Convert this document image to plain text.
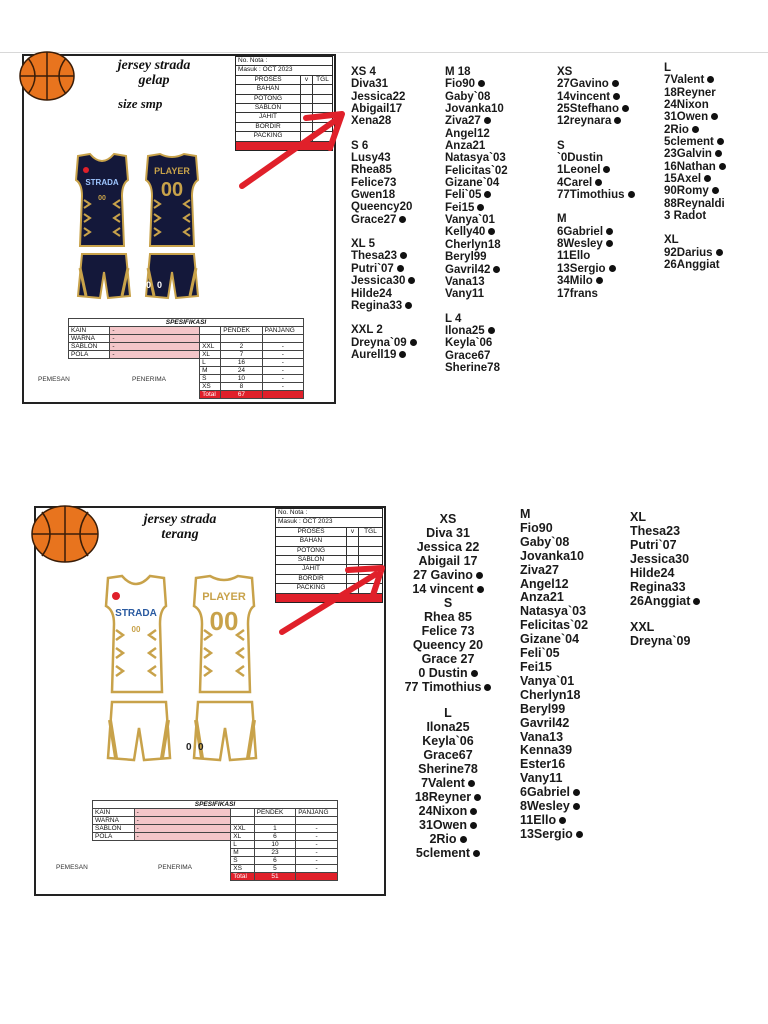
jersey strada
gelap
size smp
No. Nota :
Masuk : OCT 2023
PROSES	v	TGL
BAHAN
POTONG
SABLON
JAHIT
BORDIR
PACKING
STRADA
00
PLAYER
00
0 0
SPESIFIKASI				
KAIN	-		PENDEK	PANJANG
WARNA	-			
SABLON	-	XXL	2	-
POLA	-	XL	7	-
		L	16	-
		M	24	-
		S	10	-
		XS	8	-
		Total	67	
PEMESAN	PENERIMA
XS 4
Diva31
Jessica22
Abigail17
Xena28
S 6
Lusy43
Rhea85
Felice73
Gwen18
Queency20
Grace27
XL 5
Thesa23
Putri`07
Jessica30
Hilde24
Regina33
XXL 2
Dreyna`09
Aurell19
M 18
Fio90
Gaby`08
Jovanka10
Ziva27
Angel12
Anza21
Natasya`03
Felicitas`02
Gizane`04
Feli`05
Fei15
Vanya`01
Kelly40
Cherlyn18
Beryl99
Gavril42
Vana13
Vany11
L 4
Ilona25
Keyla`06
Grace67
Sherine78
XS
27Gavino
14vincent
25Stefhano
12reynara
S
`0Dustin
1Leonel
4Carel
77Timothius
M
6Gabriel
8Wesley
11Ello
13Sergio
34Milo
17frans
L
7Valent
18Reyner
24Nixon
31Owen
2Rio
5clement
23Galvin
16Nathan
15Axel
90Romy
88Reynaldi
3 Radot
XL
92Darius
26Anggiat
jersey strada
terang
No. Nota :
Masuk : OCT 2023
PROSES	v	TGL
BAHAN
POTONG
SABLON
JAHIT
BORDIR
PACKING
STRADA
00
PLAYER
00
0 0
SPESIFIKASI				
KAIN	-		PENDEK	PANJANG
WARNA	-			
SABLON	-	XXL	1	-
POLA	-	XL	6	-
		L	10	-
		M	23	-
		S	6	-
		XS	5	-
		Total	51	
PEMESAN	PENERIMA
XS
Diva 31
Jessica 22
Abigail 17
27 Gavino
14 vincent
S
Rhea 85
Felice 73
Queency 20
Grace 27
0 Dustin
77 Timothius
L
Ilona25
Keyla`06
Grace67
Sherine78
7Valent
18Reyner
24Nixon
31Owen
2Rio
5clement
M
Fio90
Gaby`08
Jovanka10
Ziva27
Angel12
Anza21
Natasya`03
Felicitas`02
Gizane`04
Feli`05
Fei15
Vanya`01
Cherlyn18
Beryl99
Gavril42
Vana13
Kenna39
Ester16
Vany11
6Gabriel
8Wesley
11Ello
13Sergio
XL
Thesa23
Putri`07
Jessica30
Hilde24
Regina33
26Anggiat
XXL
Dreyna`09
